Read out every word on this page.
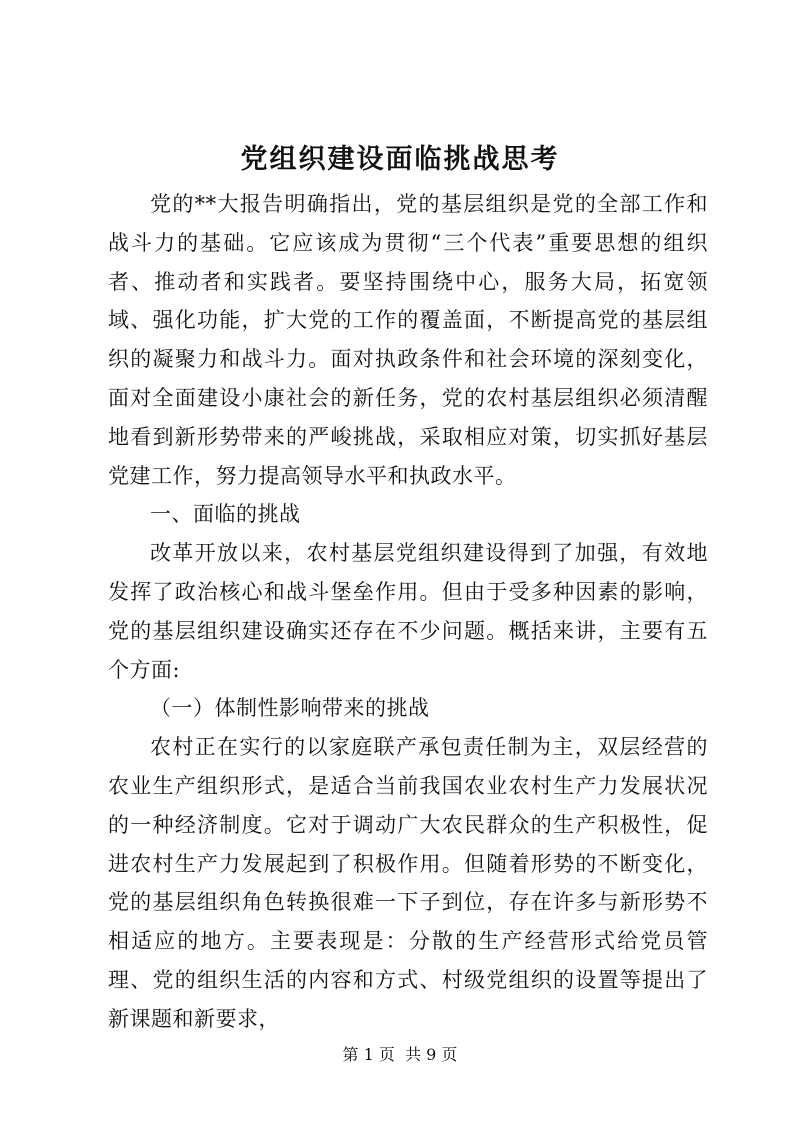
党组织建设面临挑战思考

党的**大报告明确指出，党的基层组织是党的全部工作和战斗力的基础。它应该成为贯彻“三个代表”重要思想的组织者、推动者和实践者。要坚持围绕中心，服务大局，拓宽领域、强化功能，扩大党的工作的覆盖面，不断提高党的基层组织的凝聚力和战斗力。面对执政条件和社会环境的深刻变化，面对全面建设小康社会的新任务，党的农村基层组织必须清醒地看到新形势带来的严峻挑战，采取相应对策，切实抓好基层党建工作，努力提高领导水平和执政水平。

一、面临的挑战

改革开放以来，农村基层党组织建设得到了加强，有效地发挥了政治核心和战斗堡垒作用。但由于受多种因素的影响，党的基层组织建设确实还存在不少问题。概括来讲，主要有五个方面:

（一）体制性影响带来的挑战

农村正在实行的以家庭联产承包责任制为主，双层经营的农业生产组织形式，是适合当前我国农业农村生产力发展状况的一种经济制度。它对于调动广大农民群众的生产积极性，促进农村生产力发展起到了积极作用。但随着形势的不断变化，党的基层组织角色转换很难一下子到位，存在许多与新形势不相适应的地方。主要表现是：分散的生产经营形式给党员管理、党的组织生活的内容和方式、村级党组织的设置等提出了新课题和新要求，

第 1 页 共 9 页
